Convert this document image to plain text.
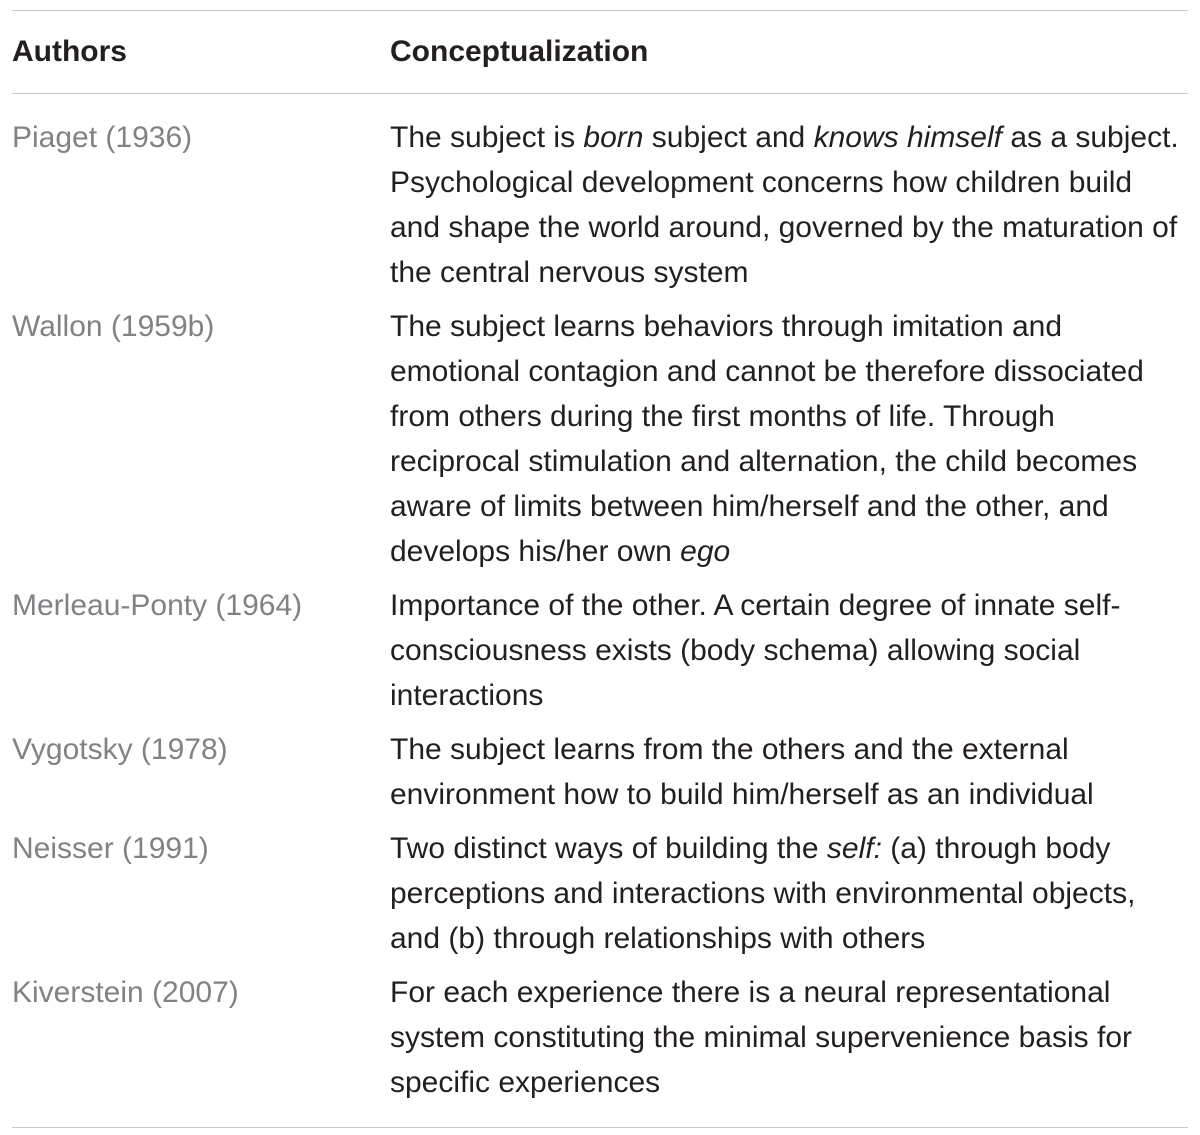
Authors	Conceptualization
Piaget (1936)	The subject is born subject and knows himself as a subject. Psychological development concerns how children build and shape the world around, governed by the maturation of the central nervous system
Wallon (1959b)	The subject learns behaviors through imitation and emotional contagion and cannot be therefore dissociated from others during the first months of life. Through reciprocal stimulation and alternation, the child becomes aware of limits between him/herself and the other, and develops his/her own ego
Merleau-Ponty (1964)	Importance of the other. A certain degree of innate self-consciousness exists (body schema) allowing social interactions
Vygotsky (1978)	The subject learns from the others and the external environment how to build him/herself as an individual
Neisser (1991)	Two distinct ways of building the self: (a) through body perceptions and interactions with environmental objects, and (b) through relationships with others
Kiverstein (2007)	For each experience there is a neural representational system constituting the minimal supervenience basis for specific experiences
